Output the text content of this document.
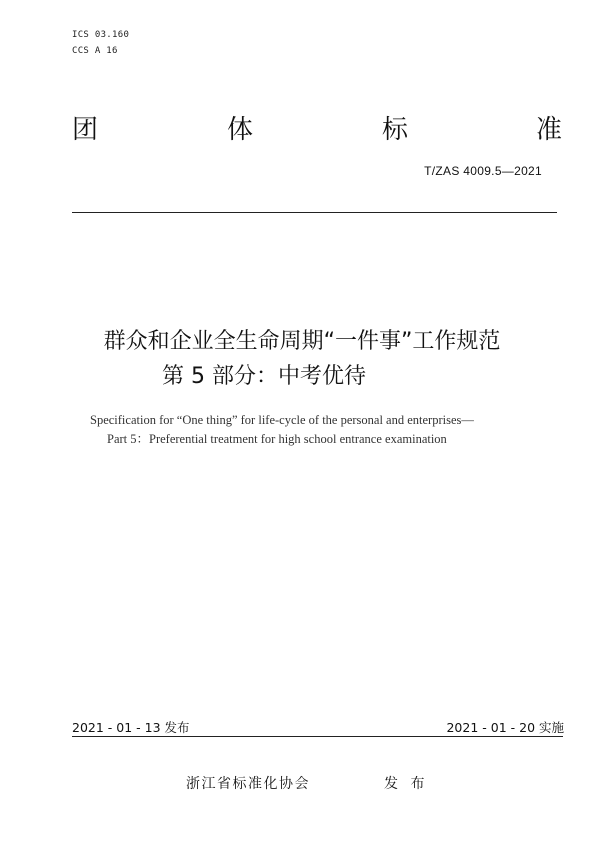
ICS 03.160
CCS A 16
团	体	标	准
T/ZAS 4009.5—2021
群众和企业全生命周期“一件事”工作规范
第 5 部分：中考优待
Specification for “One thing” for life-cycle of the personal and enterprises—
Part 5：Preferential treatment for high school entrance examination
2021 - 01 - 13 发布	2021 - 01 - 20 实施
浙江省标准化协会	发 布
